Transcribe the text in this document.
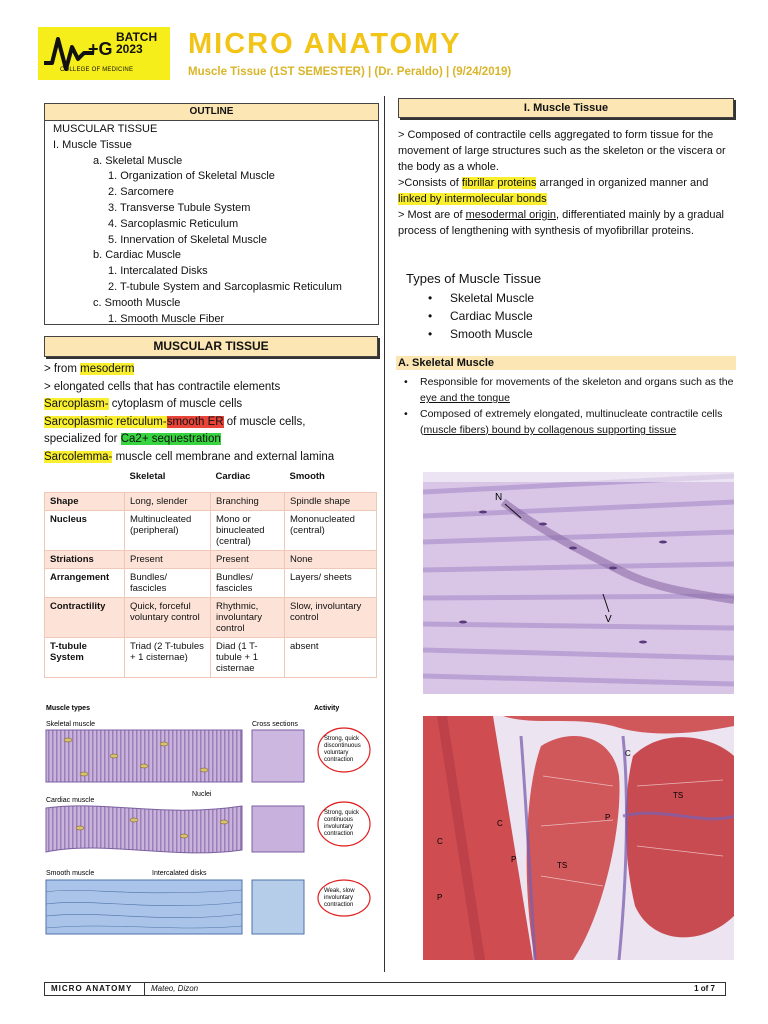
+G
BATCH
2023
COLLEGE OF MEDICINE
MICRO ANATOMY
Muscle Tissue (1ST SEMESTER) | (Dr. Peraldo) | (9/24/2019)
OUTLINE
MUSCULAR TISSUE
I. Muscle Tissue
a. Skeletal Muscle
1. Organization of Skeletal Muscle
2. Sarcomere
3. Transverse Tubule System
4. Sarcoplasmic Reticulum
5. Innervation of Skeletal Muscle
b. Cardiac Muscle
1. Intercalated Disks
2. T-tubule System and Sarcoplasmic Reticulum
c. Smooth Muscle
1. Smooth Muscle Fiber
MUSCULAR TISSUE
> from mesoderm
> elongated cells that has contractile elements
Sarcoplasm- cytoplasm of muscle cells
Sarcoplasmic reticulum-smooth ER of muscle cells,
specialized for Ca2+ sequestration
Sarcolemma- muscle cell membrane and external lamina
	Skeletal	Cardiac	Smooth
Shape	Long, slender	Branching	Spindle shape
Nucleus	Multinucleated (peripheral)	Mono or binucleated (central)	Mononucleated (central)
Striations	Present	Present	None
Arrangement	Bundles/ fascicles	Bundles/ fascicles	Layers/ sheets
Contractility	Quick, forceful voluntary control	Rhythmic, involuntary control	Slow, involuntary control
T-tubule System	Triad (2 T-tubules + 1 cisternae)	Diad (1 T-tubule + 1 cisternae	absent
Muscle types	Activity
Skeletal muscle	Cross sections
Strong, quick discontinuous voluntary contraction
Cardiac muscle
Nuclei
Strong, quick continuous involuntary contraction
Smooth muscle	Intercalated disks
Weak, slow involuntary contraction
I. Muscle Tissue
> Composed of contractile cells aggregated to form tissue for the movement of large structures such as the skeleton or the viscera or the body as a whole.
>Consists of fibrillar proteins arranged in organized manner and linked by intermolecular bonds
> Most are of mesodermal origin, differentiated mainly by a gradual process of lengthening with synthesis of myofibrillar proteins.
Types of Muscle Tissue
• Skeletal Muscle
• Cardiac Muscle
• Smooth Muscle
A. Skeletal Muscle
• Responsible for movements of the skeleton and organs such as the eye and the tongue
• Composed of extremely elongated, multinucleate contractile cells (muscle fibers) bound by collagenous supporting tissue
N
V
C
TS
C
P
C
P
TS
P
MICRO ANATOMY Mateo, Dizon	1 of 7
